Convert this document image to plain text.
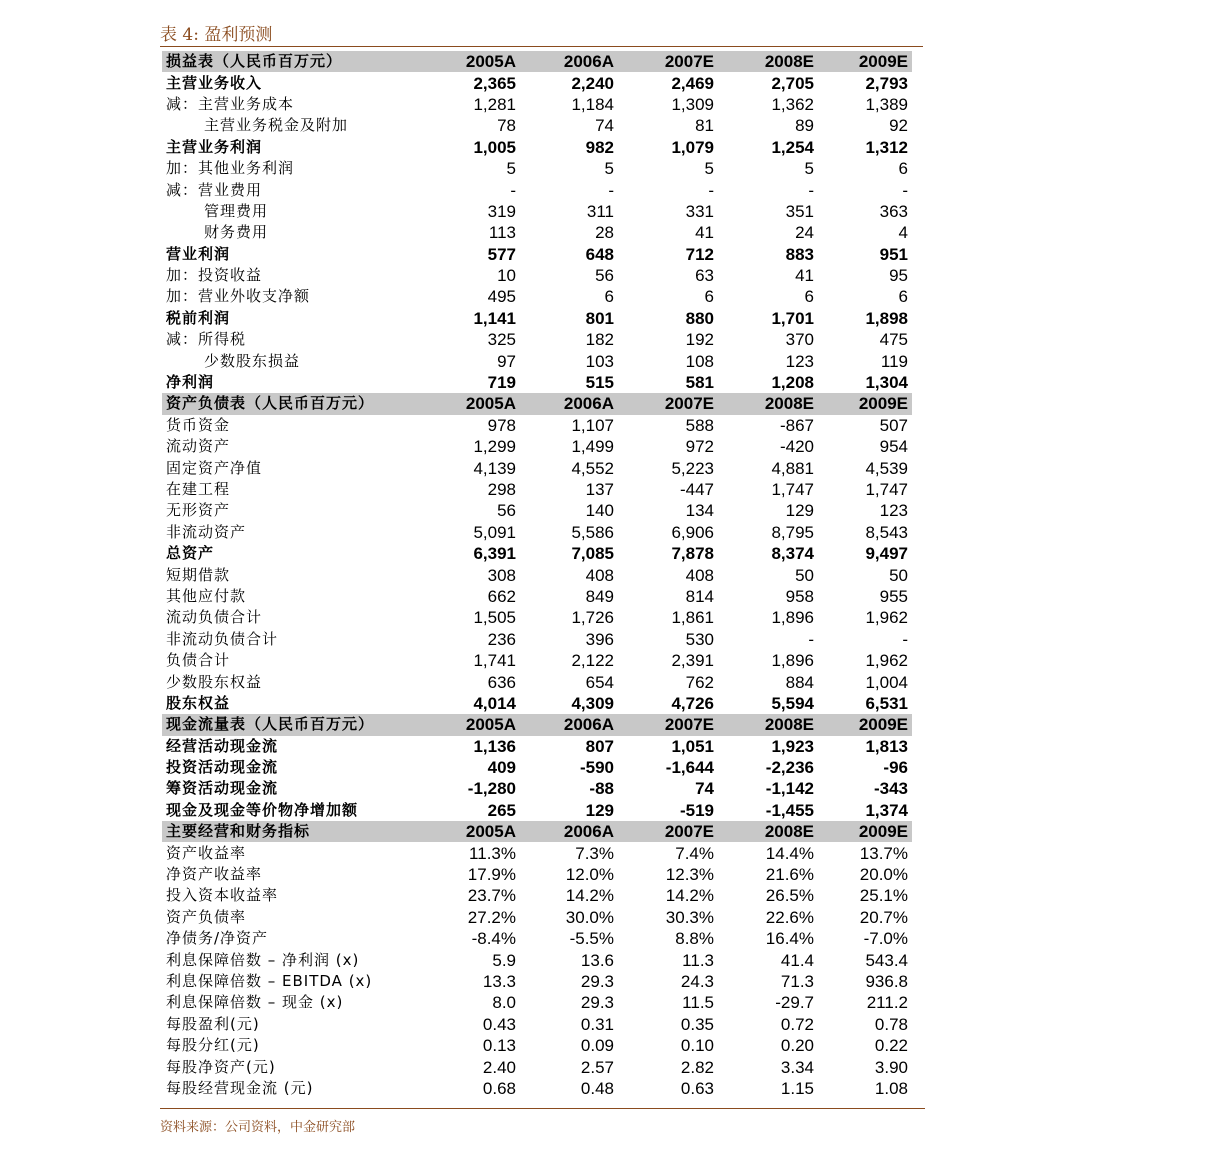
表 4: 盈利预测
损益表（人民币百万元）	2005A	2006A	2007E	2008E	2009E
主营业务收入	2,365	2,240	2,469	2,705	2,793
减：主营业务成本	1,281	1,184	1,309	1,362	1,389
主营业务税金及附加	78	74	81	89	92
主营业务利润	1,005	982	1,079	1,254	1,312
加：其他业务利润	5	5	5	5	6
减：营业费用	-	-	-	-	-
管理费用	319	311	331	351	363
财务费用	113	28	41	24	4
营业利润	577	648	712	883	951
加：投资收益	10	56	63	41	95
加：营业外收支净额	495	6	6	6	6
税前利润	1,141	801	880	1,701	1,898
减：所得税	325	182	192	370	475
少数股东损益	97	103	108	123	119
净利润	719	515	581	1,208	1,304
资产负债表（人民币百万元）	2005A	2006A	2007E	2008E	2009E
货币资金	978	1,107	588	-867	507
流动资产	1,299	1,499	972	-420	954
固定资产净值	4,139	4,552	5,223	4,881	4,539
在建工程	298	137	-447	1,747	1,747
无形资产	56	140	134	129	123
非流动资产	5,091	5,586	6,906	8,795	8,543
总资产	6,391	7,085	7,878	8,374	9,497
短期借款	308	408	408	50	50
其他应付款	662	849	814	958	955
流动负债合计	1,505	1,726	1,861	1,896	1,962
非流动负债合计	236	396	530	-	-
负债合计	1,741	2,122	2,391	1,896	1,962
少数股东权益	636	654	762	884	1,004
股东权益	4,014	4,309	4,726	5,594	6,531
现金流量表（人民币百万元）	2005A	2006A	2007E	2008E	2009E
经营活动现金流	1,136	807	1,051	1,923	1,813
投资活动现金流	409	-590	-1,644	-2,236	-96
筹资活动现金流	-1,280	-88	74	-1,142	-343
现金及现金等价物净增加额	265	129	-519	-1,455	1,374
主要经营和财务指标	2005A	2006A	2007E	2008E	2009E
资产收益率	11.3%	7.3%	7.4%	14.4%	13.7%
净资产收益率	17.9%	12.0%	12.3%	21.6%	20.0%
投入资本收益率	23.7%	14.2%	14.2%	26.5%	25.1%
资产负债率	27.2%	30.0%	30.3%	22.6%	20.7%
净债务/净资产	-8.4%	-5.5%	8.8%	16.4%	-7.0%
利息保障倍数 – 净利润 (x)	5.9	13.6	11.3	41.4	543.4
利息保障倍数 – EBITDA (x)	13.3	29.3	24.3	71.3	936.8
利息保障倍数 – 现金 (x)	8.0	29.3	11.5	-29.7	211.2
每股盈利(元)	0.43	0.31	0.35	0.72	0.78
每股分红(元)	0.13	0.09	0.10	0.20	0.22
每股净资产(元)	2.40	2.57	2.82	3.34	3.90
每股经营现金流 (元)	0.68	0.48	0.63	1.15	1.08
资料来源：公司资料，中金研究部
